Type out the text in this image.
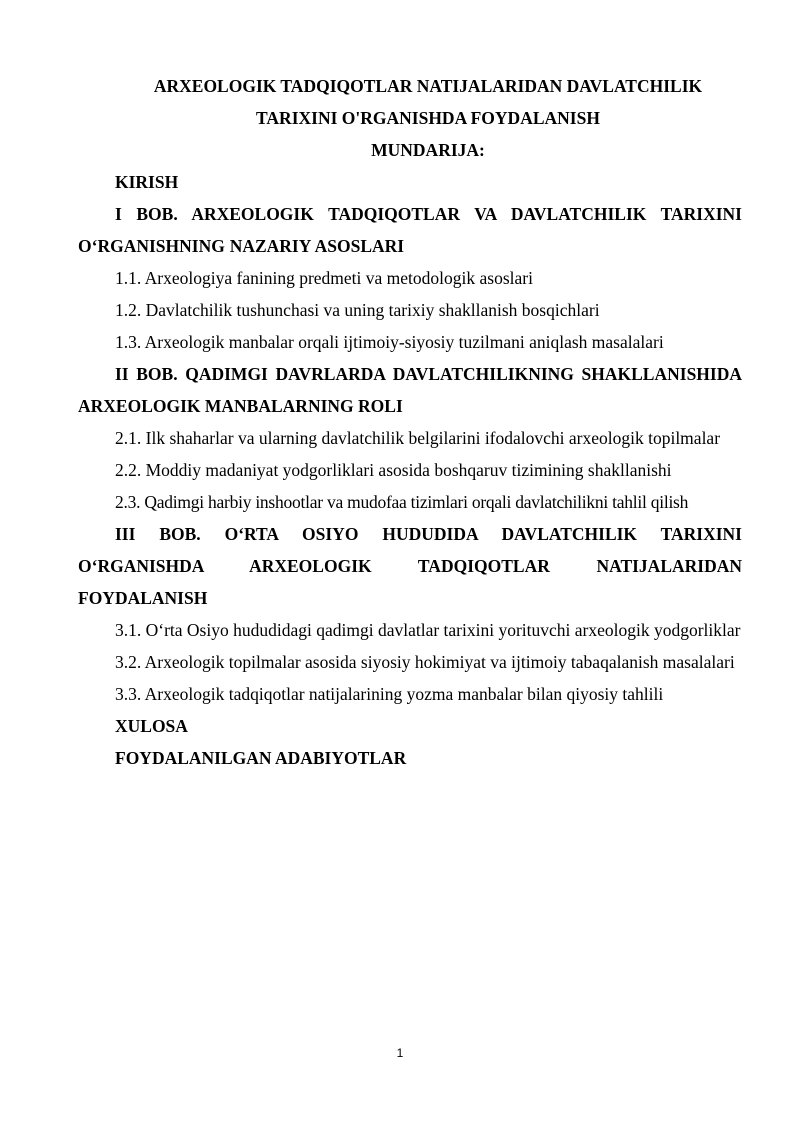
ARXEOLOGIK TADQIQOTLAR NATIJALARIDAN DAVLATCHILIK
TARIXINI O'RGANISHDA FOYDALANISH
MUNDARIJA:

KIRISH

I BOB. ARXEOLOGIK TADQIQOTLAR VA DAVLATCHILIK TARIXINI O‘RGANISHNING NAZARIY ASOSLARI

1.1. Arxeologiya fanining predmeti va metodologik asoslari

1.2. Davlatchilik tushunchasi va uning tarixiy shakllanish bosqichlari

1.3. Arxeologik manbalar orqali ijtimoiy-siyosiy tuzilmani aniqlash masalalari

II BOB. QADIMGI DAVRLARDA DAVLATCHILIKNING SHAKLLANISHIDA ARXEOLOGIK MANBALARNING ROLI

2.1. Ilk shaharlar va ularning davlatchilik belgilarini ifodalovchi arxeologik topilmalar

2.2. Moddiy madaniyat yodgorliklari asosida boshqaruv tizimining shakllanishi

2.3. Qadimgi harbiy inshootlar va mudofaa tizimlari orqali davlatchilikni tahlil qilish

III BOB. O‘RTA OSIYO HUDUDIDA DAVLATCHILIK TARIXINI O‘RGANISHDA ARXEOLOGIK TADQIQOTLAR NATIJALARIDAN FOYDALANISH

3.1. O‘rta Osiyo hududidagi qadimgi davlatlar tarixini yorituvchi arxeologik yodgorliklar

3.2. Arxeologik topilmalar asosida siyosiy hokimiyat va ijtimoiy tabaqalanish masalalari

3.3. Arxeologik tadqiqotlar natijalarining yozma manbalar bilan qiyosiy tahlili

XULOSA

FOYDALANILGAN ADABIYOTLAR

1
